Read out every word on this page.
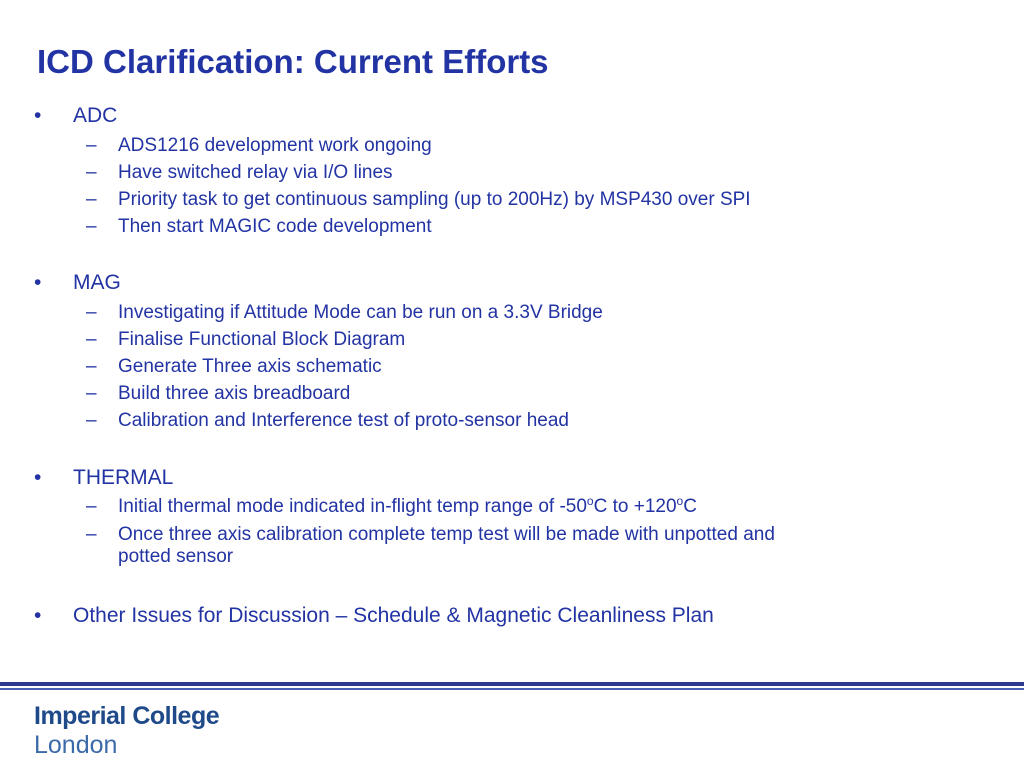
ICD Clarification: Current Efforts
• ADC
– ADS1216 development work ongoing
– Have switched relay via I/O lines
– Priority task to get continuous sampling (up to 200Hz) by MSP430 over SPI
– Then start MAGIC code development
• MAG
– Investigating if Attitude Mode can be run on a 3.3V Bridge
– Finalise Functional Block Diagram
– Generate Three axis schematic
– Build three axis breadboard
– Calibration and Interference test of proto-sensor head
• THERMAL
– Initial thermal mode indicated in-flight temp range of -50$^o$C to $+120^oC$
– Once three axis calibration complete temp test will be made with unpotted and
potted sensor
• Other Issues for Discussion – Schedule & Magnetic Cleanliness Plan
Imperial College
London
